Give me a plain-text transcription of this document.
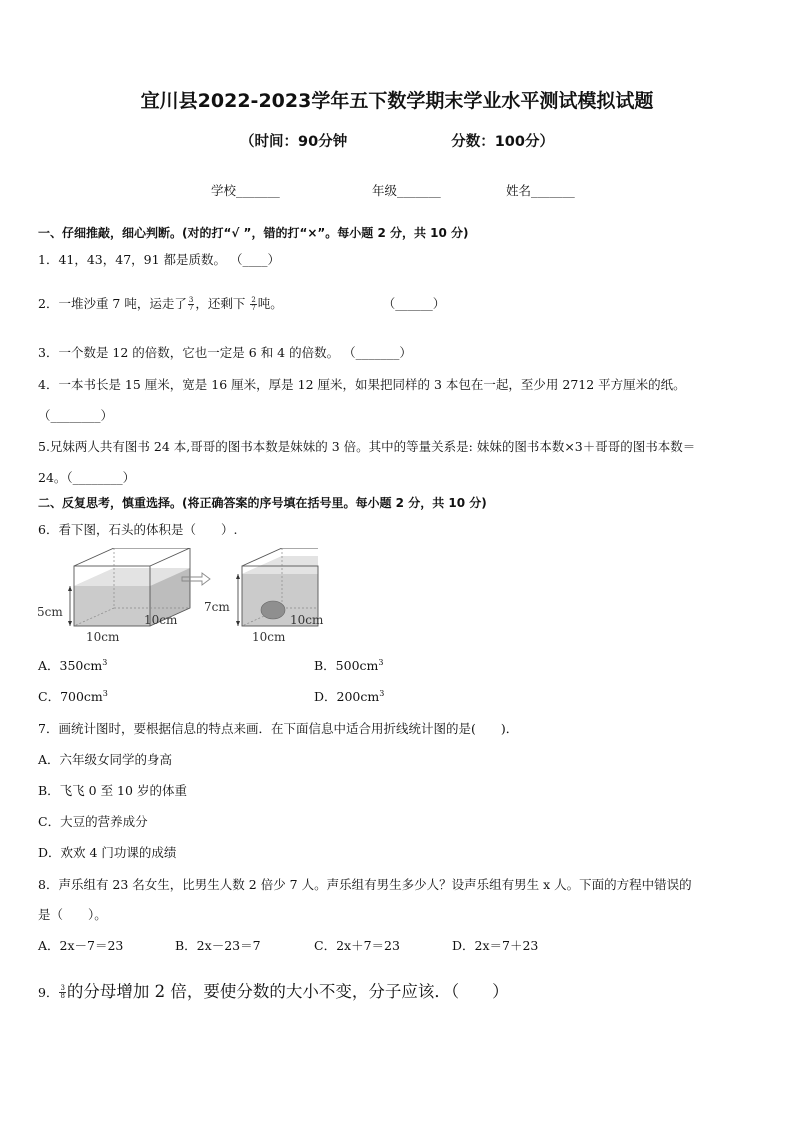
宜川县2022-2023学年五下数学期末学业水平测试模拟试题
（时间：90分钟	分数：100分）
学校_______	年级_______	姓名_______
一、仔细推敲，细心判断。(对的打“√ ”，错的打“×”。每小题 2 分，共 10 分)
1．41，43，47，91 都是质数。 （____）
2．一堆沙重 7 吨，运走了 $\frac{3}{7}$ ，还剩下 $\frac{2}{7}$ 吨。	（______）
3．一个数是 12 的倍数，它也一定是 6 和 4 的倍数。 （_______）
4．一本书长是 15 厘米，宽是 16 厘米，厚是 12 厘米，如果把同样的 3 本包在一起，至少用 2712 平方厘米的纸。
（________）
5.兄妹两人共有图书 24 本,哥哥的图书本数是妹妹的 3 倍。其中的等量关系是: 妹妹的图书本数×3＋哥哥的图书本数＝
24。（________）
二、反复思考，慎重选择。(将正确答案的序号填在括号里。每小题 2 分，共 10 分)
6．看下图，石头的体积是（　　）.
5cm
10cm
10cm
7cm
10cm
10cm
A．$350cm^3$	B．$500cm^3$
C．$700cm^3$	D．$200cm^3$
7．画统计图时，要根据信息的特点来画．在下面信息中适合用折线统计图的是(　　)．
A．六年级女同学的身高
B．飞飞 0 至 10 岁的体重
C．大豆的营养成分
D．欢欢 4 门功课的成绩
8．声乐组有 23 名女生，比男生人数 2 倍少 7 人。声乐组有男生多少人？设声乐组有男生 x 人。下面的方程中错误的
是（　　）。
A．2x－7＝23	B．2x－23＝7	C．2x＋7＝23	D．2x＝7＋23
9． $\frac{3}{8}$ 的分母增加 2 倍，要使分数的大小不变，分子应该．（　　）
